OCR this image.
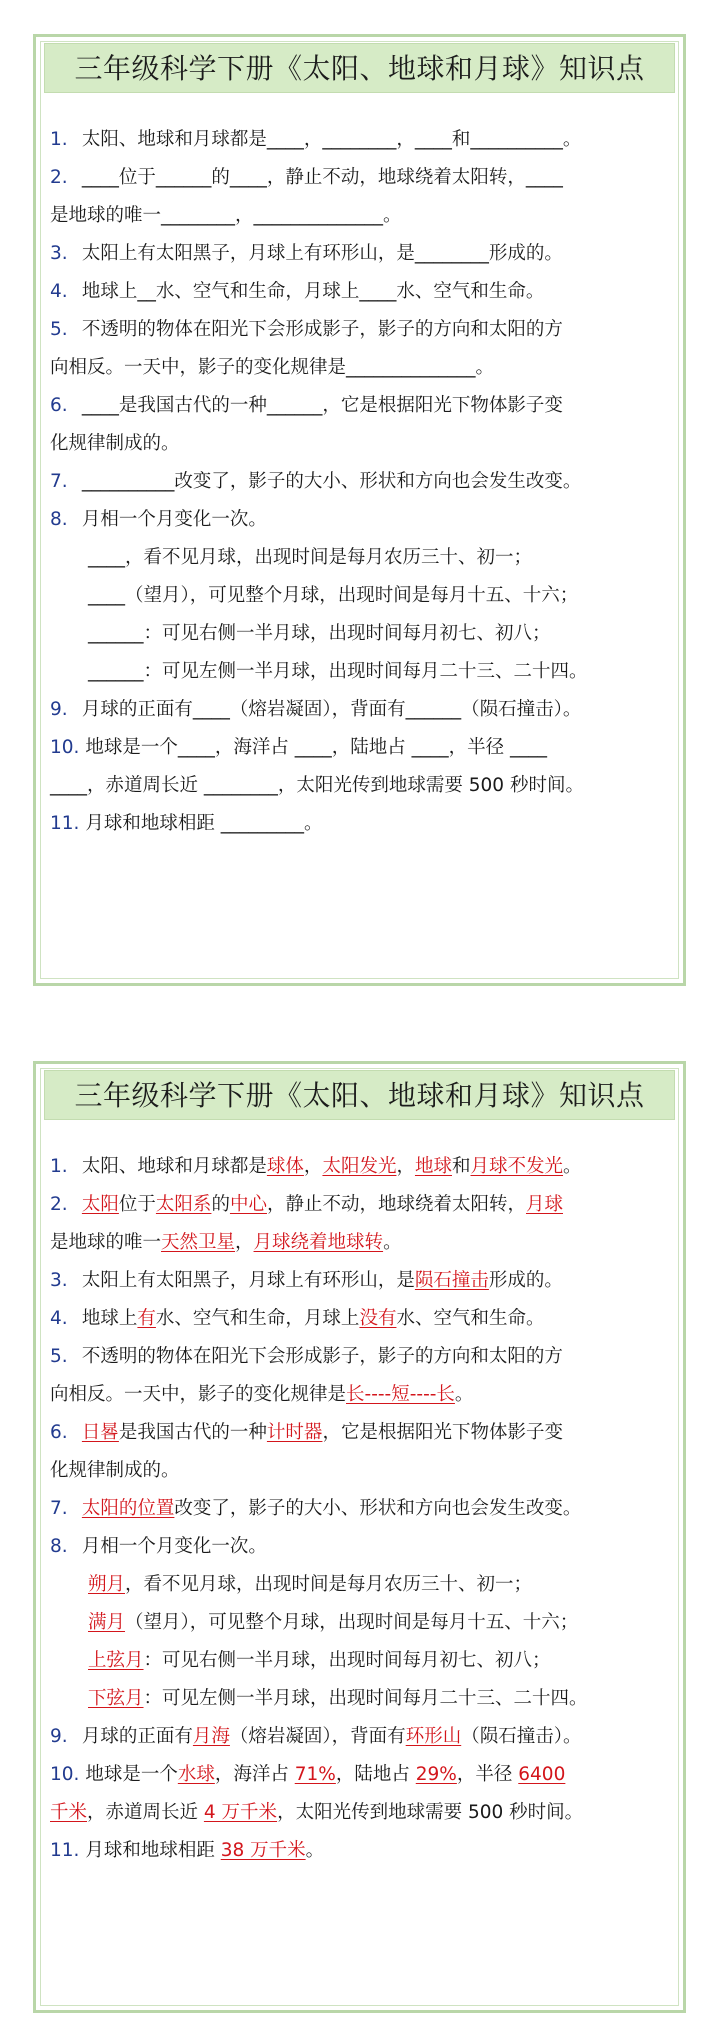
三年级科学下册《太阳、地球和月球》知识点
1. 太阳、地球和月球都是____，________，____和__________。
2. ____位于______的____，静止不动，地球绕着太阳转，____
是地球的唯一________，______________。
3. 太阳上有太阳黑子，月球上有环形山，是________形成的。
4. 地球上__水、空气和生命，月球上____水、空气和生命。
5. 不透明的物体在阳光下会形成影子，影子的方向和太阳的方
向相反。一天中，影子的变化规律是______________。
6. ____是我国古代的一种______，它是根据阳光下物体影子变
化规律制成的。
7. __________改变了，影子的大小、形状和方向也会发生改变。
8. 月相一个月变化一次。
____，看不见月球，出现时间是每月农历三十、初一；
____（望月），可见整个月球，出现时间是每月十五、十六；
______：可见右侧一半月球，出现时间每月初七、初八；
______：可见左侧一半月球，出现时间每月二十三、二十四。
9. 月球的正面有____（熔岩凝固），背面有______（陨石撞击）。
10. 地球是一个____，海洋占 ____，陆地占 ____，半径 ____
____，赤道周长近 ________，太阳光传到地球需要 500 秒时间。
11. 月球和地球相距 _________。
三年级科学下册《太阳、地球和月球》知识点
1. 太阳、地球和月球都是球体，太阳发光，地球和月球不发光。
2. 太阳位于太阳系的中心，静止不动，地球绕着太阳转，月球
是地球的唯一天然卫星，月球绕着地球转。
3. 太阳上有太阳黑子，月球上有环形山，是陨石撞击形成的。
4. 地球上有水、空气和生命，月球上没有水、空气和生命。
5. 不透明的物体在阳光下会形成影子，影子的方向和太阳的方
向相反。一天中，影子的变化规律是长----短----长。
6. 日晷是我国古代的一种计时器，它是根据阳光下物体影子变
化规律制成的。
7. 太阳的位置改变了，影子的大小、形状和方向也会发生改变。
8. 月相一个月变化一次。
朔月，看不见月球，出现时间是每月农历三十、初一；
满月（望月），可见整个月球，出现时间是每月十五、十六；
上弦月：可见右侧一半月球，出现时间每月初七、初八；
下弦月：可见左侧一半月球，出现时间每月二十三、二十四。
9. 月球的正面有月海（熔岩凝固），背面有环形山（陨石撞击）。
10. 地球是一个水球，海洋占 71%，陆地占 29%，半径 6400
千米，赤道周长近 4 万千米，太阳光传到地球需要 500 秒时间。
11. 月球和地球相距 38 万千米。
